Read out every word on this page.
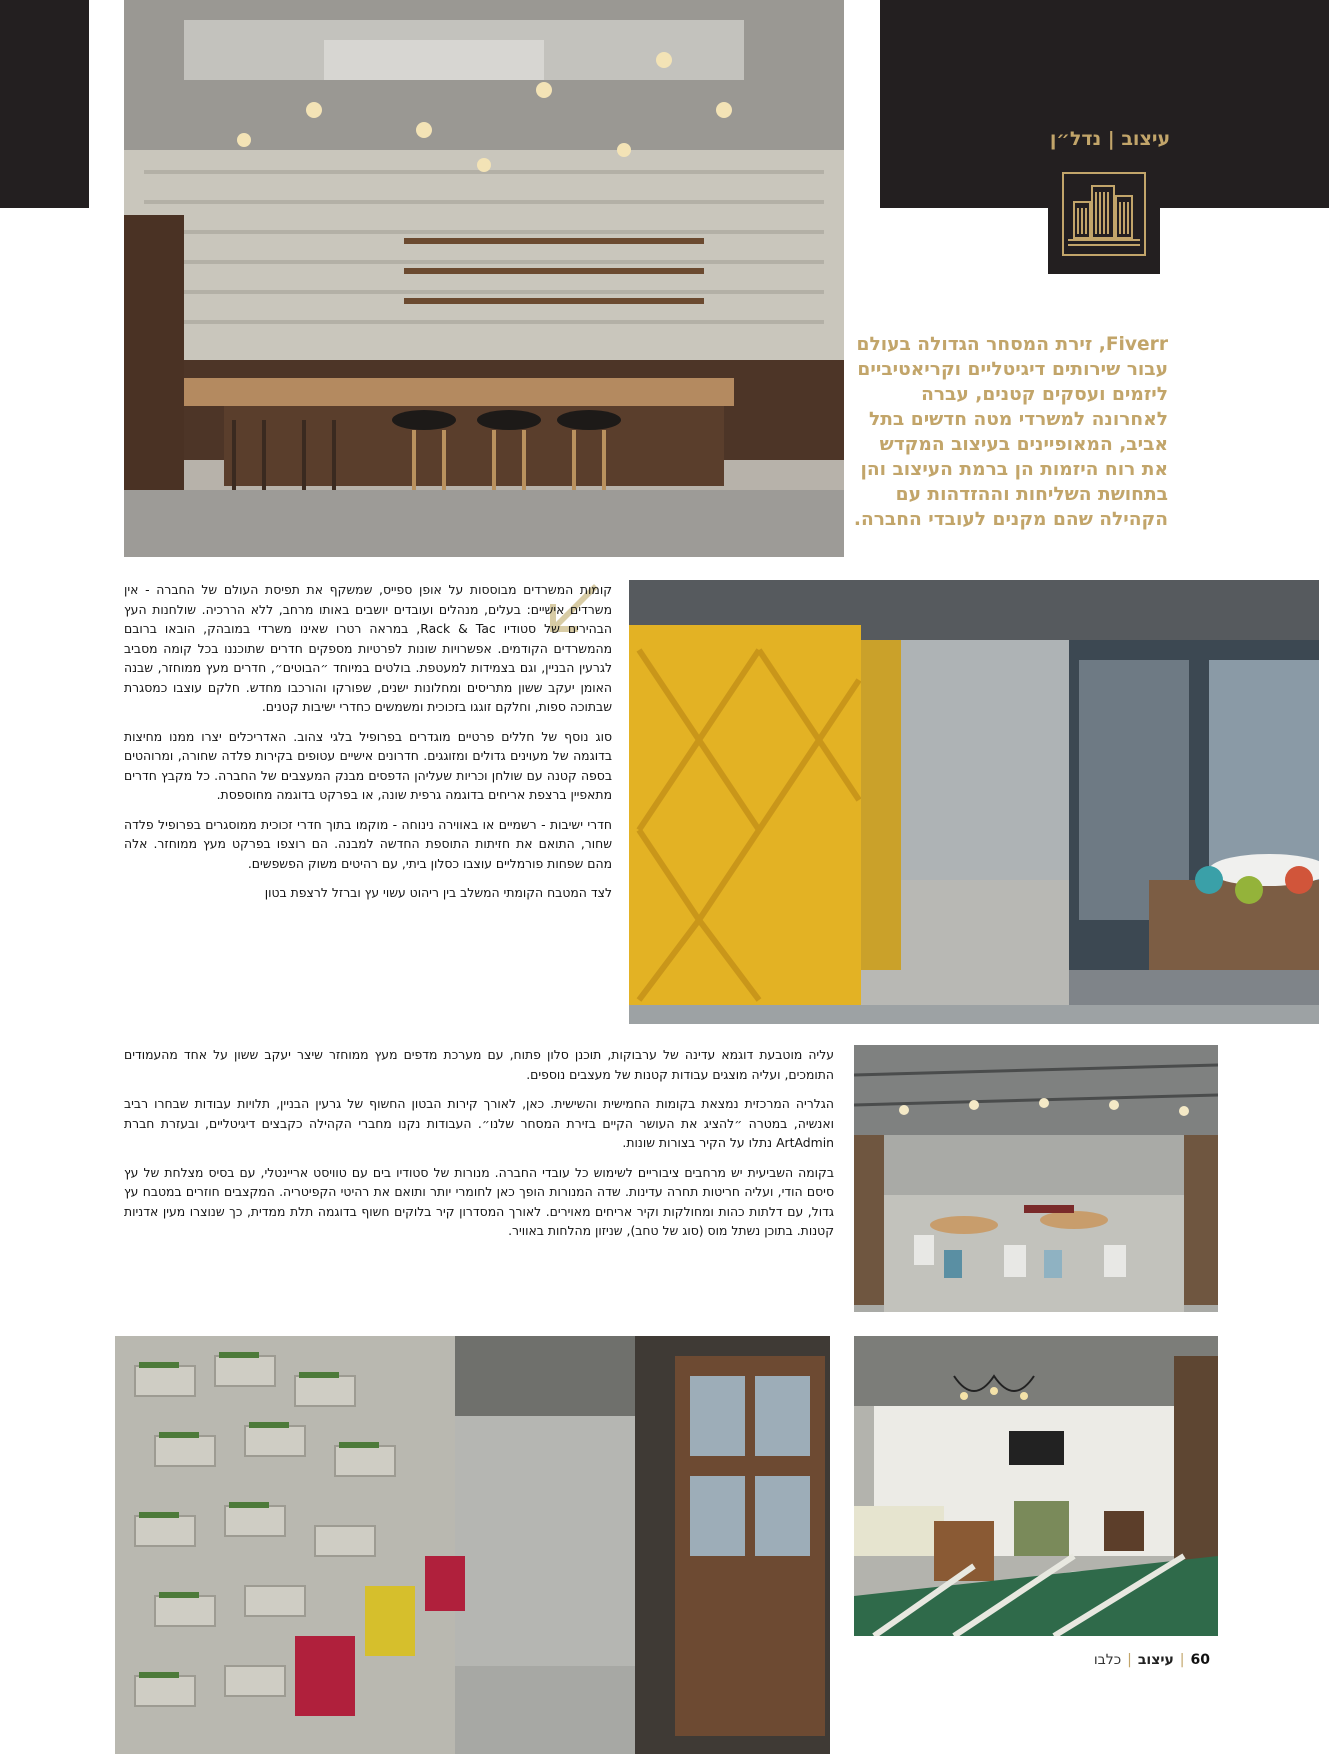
עיצוב | נדל״ן
Fiverr, זירת המסחר הגדולה בעולם עבור שירותים דיגיטליים וקריאטיביים ליזמים ועסקים קטנים, עברה לאחרונה למשרדי מטה חדשים בתל אביב, המאופיינים בעיצוב המקדש את רוח היזמות הן ברמת העיצוב והן בתחושת השליחות וההזדהות עם הקהילה שהם מקנים לעובדי החברה.

קומות המשרדים מבוססות על אופן ספייס, שמשקף את תפיסת העולם של החברה - אין משרדים אישיים: בעלים, מנהלים ועובדים יושבים באותו מרחב, ללא הררכיה. שולחנות העץ הבהירים של סטודיו Rack & Tac, במראה רטרו שאינו משרדי במובהק, הובאו ברובם מהמשרדים הקודמים. אפשרויות שונות לפרטיות מספקים חדרים שתוכננו בכל קומה מסביב לגרעין הבניין, וגם בצמידות למעטפת. בולטים במיוחד ״הבוטים״, חדרים מעץ ממוחזר, שבנה האומן יעקב ששון מתריסים ומחלונות ישנים, שפורקו והורכבו מחדש. חלקם עוצבו כמסגרת שבתוכה ספות, וחלקם זוגגו בזכוכית ומשמשים כחדרי ישיבות קטנים.

סוג נוסף של חללים פרטיים מוגדרים בפרופיל בלגי צהוב. האדריכלים יצרו ממנו מחיצות בדוגמה של מעוינים גדולים ומזוגגים. חדרונים אישיים עטופים בקירות פלדה שחורה, ומרוהטים בספה קטנה עם שולחן וכריות שעליהן הדפסים מבנק המעצבים של החברה. כל מקבץ חדרים מתאפיין ברצפת אריחים בדוגמה גרפית שונה, או בפרקט בדוגמה מחוספסת.

חדרי ישיבות - רשמיים או באווירה נינוחה - מוקמו בתוך חדרי זכוכית ממוסגרים בפרופיל פלדה שחור, התואם את חזיתות התוספת החדשה למבנה. הם רוצפו בפרקט מעץ ממוחזר. אלה מהם שפחות פורמליים עוצבו כסלון ביתי, עם רהיטים משוק הפשפשים.

לצד המטבח הקומתי המשלב בין ריהוט עשוי עץ וברזל לרצפת בטון

עליה מוטבעת דוגמא עדינה של ערבוקות, תוכנן סלון פתוח, עם מערכת מדפים מעץ ממוחזר שיצר יעקב ששון על אחד מהעמודים התומכים, ועליה מוצגים עבודות קטנות של מעצבים נוספים.

הגלריה המרכזית נמצאת בקומות החמישית והשישית. כאן, לאורך קירות הבטון החשוף של גרעין הבניין, תלויות עבודות שבחרו רביב ואנשיה, במטרה ״להציג את העושר הקיים בזירת המסחר שלנו״. העבודות נקנו מחברי הקהילה כקבצים דיגיטליים, ובעזרת חברת ArtAdmin נתלו על הקיר בצורות שונות.

בקומה השביעית יש מרחבים ציבוריים לשימוש כל עובדי החברה. מנורות של סטודיו בים עם טוויסט אריינטלי, עם בסיס מצלחת של עץ סיסם הודי, ועליה חריטות תחרה עדינות. שדה המנורות הופך כאן לחומרי יותר ותואם את רהיטי הקפיטריה. המקצבים חוזרים במטבח עץ גדול, עם דלתות כהות ומחולקות וקיר אריחים מאוירים. לאורך המסדרון קיר בלוקים חשוף בדוגמה תלת ממדית, כך שנוצרו מעין אדניות קטנות. בתוכן נשתל מוס (סוג של טחב), שניזון מהלחות באוויר.

60|עיצוב|כלבו
